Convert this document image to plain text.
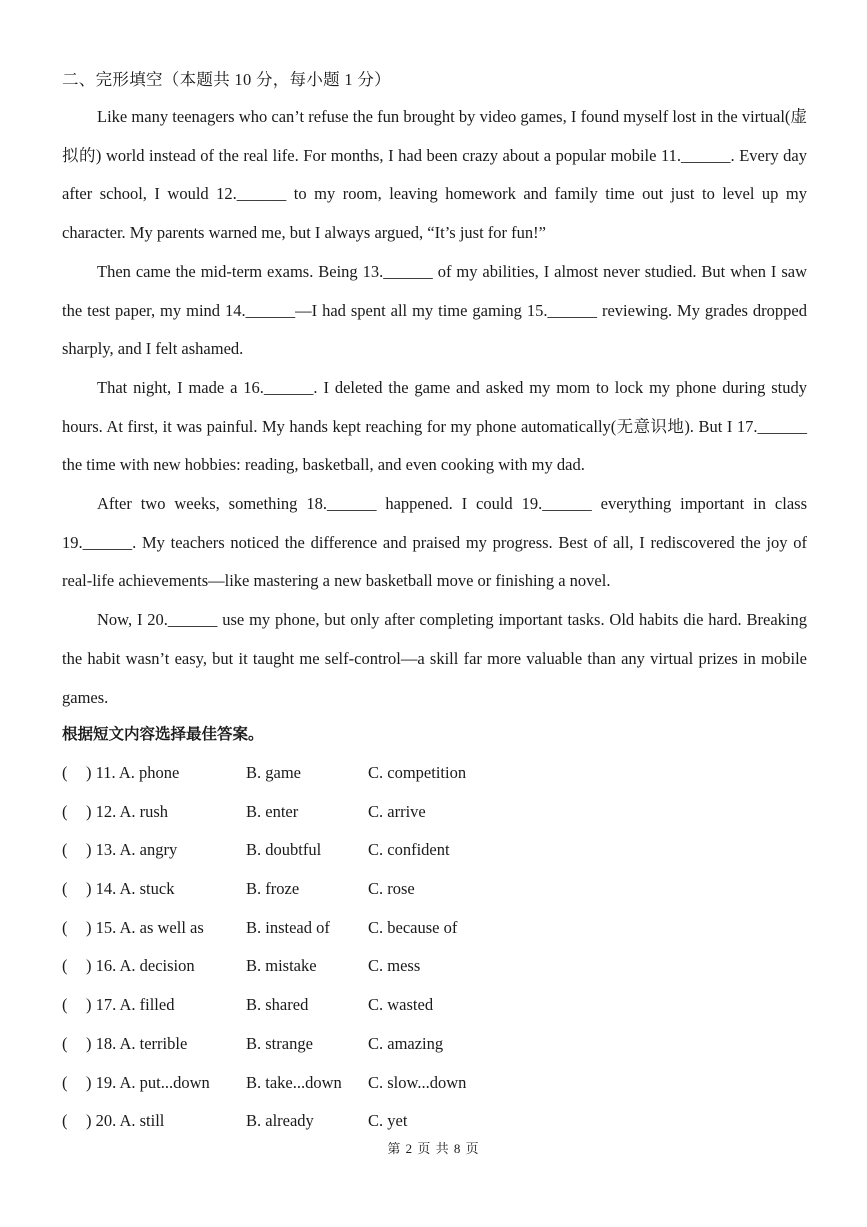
二、完形填空（本题共 10 分，每小题 1 分）

Like many teenagers who can’t refuse the fun brought by video games, I found myself lost in the virtual(虚拟的) world instead of the real life. For months, I had been crazy about a popular mobile 11.______. Every day after school, I would 12.______ to my room, leaving homework and family time out just to level up my character. My parents warned me, but I always argued, “It’s just for fun!”

Then came the mid-term exams. Being 13.______ of my abilities, I almost never studied. But when I saw the test paper, my mind 14.______—I had spent all my time gaming 15.______ reviewing. My grades dropped sharply, and I felt ashamed.

That night, I made a 16.______. I deleted the game and asked my mom to lock my phone during study hours. At first, it was painful. My hands kept reaching for my phone automatically(无意识地). But I 17.______ the time with new hobbies: reading, basketball, and even cooking with my dad.

After two weeks, something 18.______ happened. I could 19.______ everything important in class 19.______. My teachers noticed the difference and praised my progress. Best of all, I rediscovered the joy of real-life achievements—like mastering a new basketball move or finishing a novel.

Now, I 20.______ use my phone, but only after completing important tasks. Old habits die hard. Breaking the habit wasn’t easy, but it taught me self-control—a skill far more valuable than any virtual prizes in mobile games.

根据短文内容选择最佳答案。
( ) 11. A. phone	B. game	C. competition
( ) 12. A. rush	B. enter	C. arrive
( ) 13. A. angry	B. doubtful	C. confident
( ) 14. A. stuck	B. froze	C. rose
( ) 15. A. as well as	B. instead of C. because of
( ) 16. A. decision	B. mistake	C. mess
( ) 17. A. filled	B. shared	C. wasted
( ) 18. A. terrible	B. strange	C. amazing
( ) 19. A. put...down B. take...down C. slow...down
( ) 20. A. still	B. already	C. yet
第 2 页 共 8 页
